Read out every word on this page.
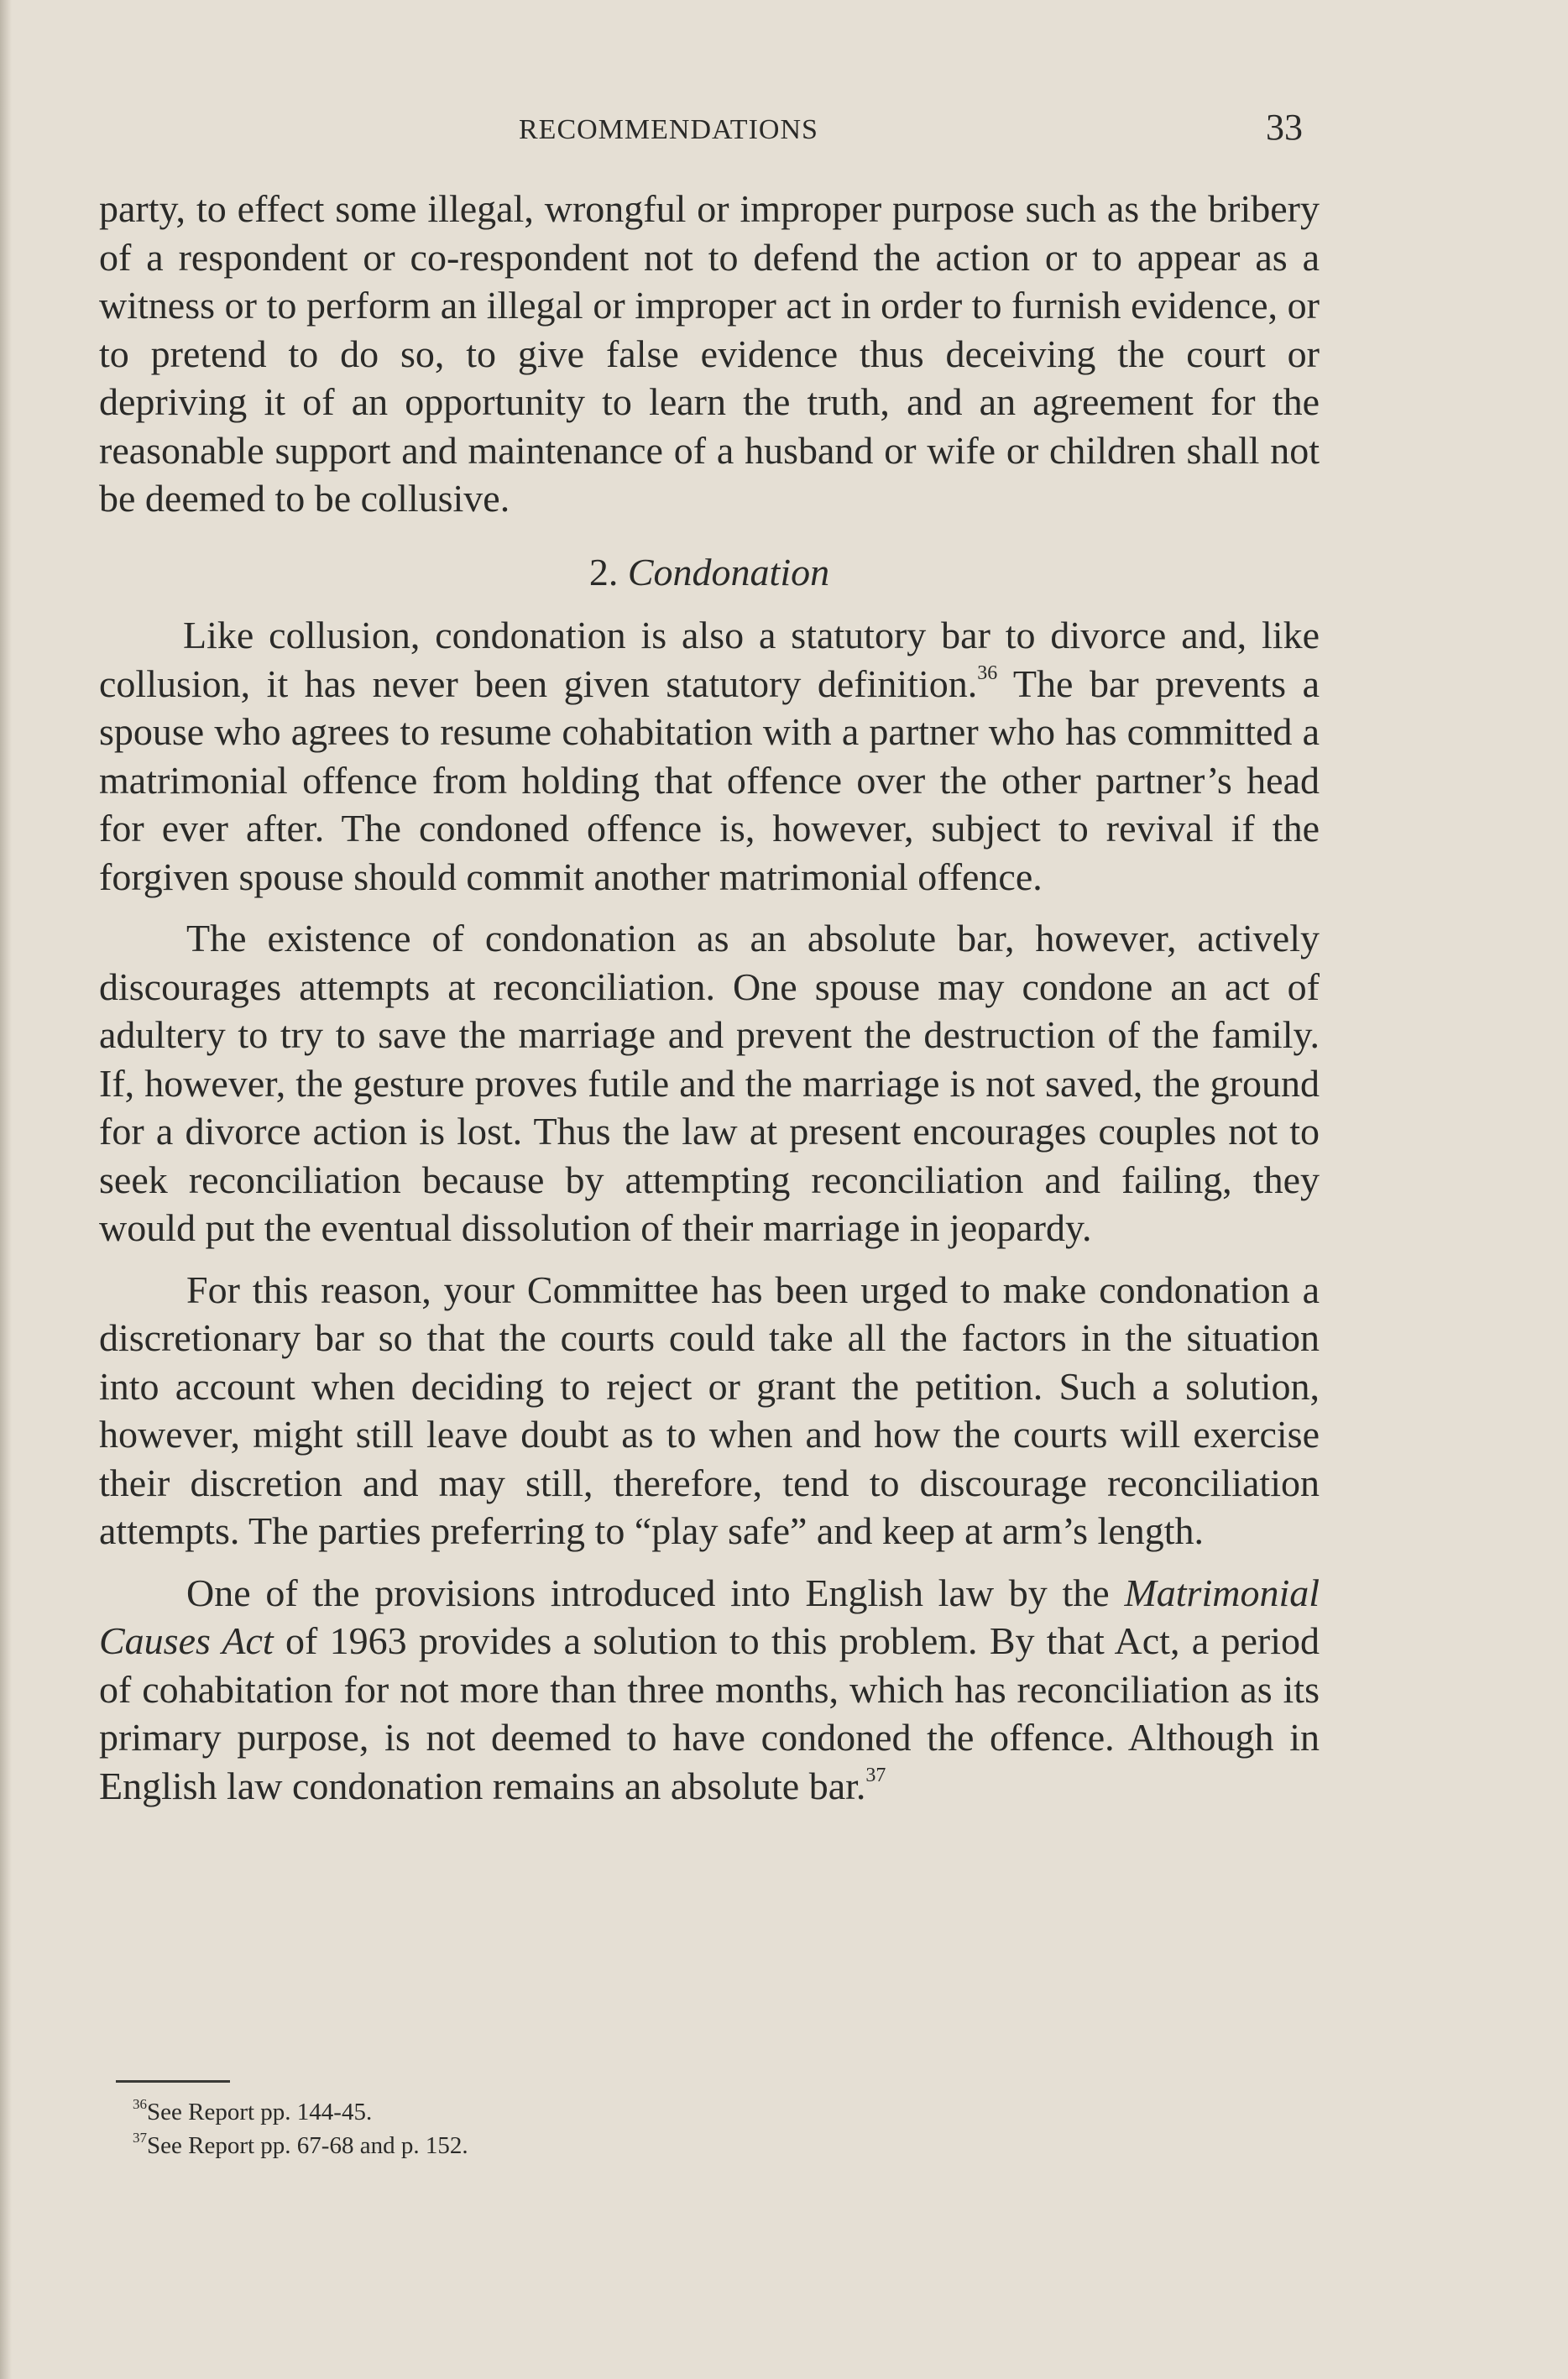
RECOMMENDATIONS	33

party, to effect some illegal, wrongful or improper purpose such as the bribery of a respondent or co-respondent not to defend the action or to appear as a witness or to perform an illegal or improper act in order to furnish evidence, or to pretend to do so, to give false evidence thus deceiving the court or depriving it of an opportunity to learn the truth, and an agreement for the reasonable support and maintenance of a husband or wife or children shall not be deemed to be collusive.

2. Condonation

Like collusion, condonation is also a statutory bar to divorce and, like collusion, it has never been given statutory definition.$^{36}$ The bar prevents a spouse who agrees to resume cohabitation with a partner who has committed a matrimonial offence from holding that offence over the other partner’s head for ever after. The condoned offence is, however, subject to revival if the forgiven spouse should commit another matrimonial offence.

The existence of condonation as an absolute bar, however, actively discourages attempts at reconciliation. One spouse may condone an act of adultery to try to save the marriage and prevent the destruction of the family. If, however, the gesture proves futile and the marriage is not saved, the ground for a divorce action is lost. Thus the law at present encourages couples not to seek reconciliation because by attempting reconciliation and failing, they would put the eventual dissolution of their marriage in jeopardy.

For this reason, your Committee has been urged to make condonation a discretionary bar so that the courts could take all the factors in the situation into account when deciding to reject or grant the petition. Such a solution, however, might still leave doubt as to when and how the courts will exercise their discretion and may still, therefore, tend to discourage reconciliation attempts. The parties preferring to “play safe” and keep at arm’s length.

One of the provisions introduced into English law by the Matrimonial Causes Act of 1963 provides a solution to this problem. By that Act, a period of cohabitation for not more than three months, which has reconciliation as its primary purpose, is not deemed to have condoned the offence. Although in English law condonation remains an absolute bar.$^{37}$

$^{36}$See Report pp. 144-45.
$^{37}$See Report pp. 67-68 and p. 152.
